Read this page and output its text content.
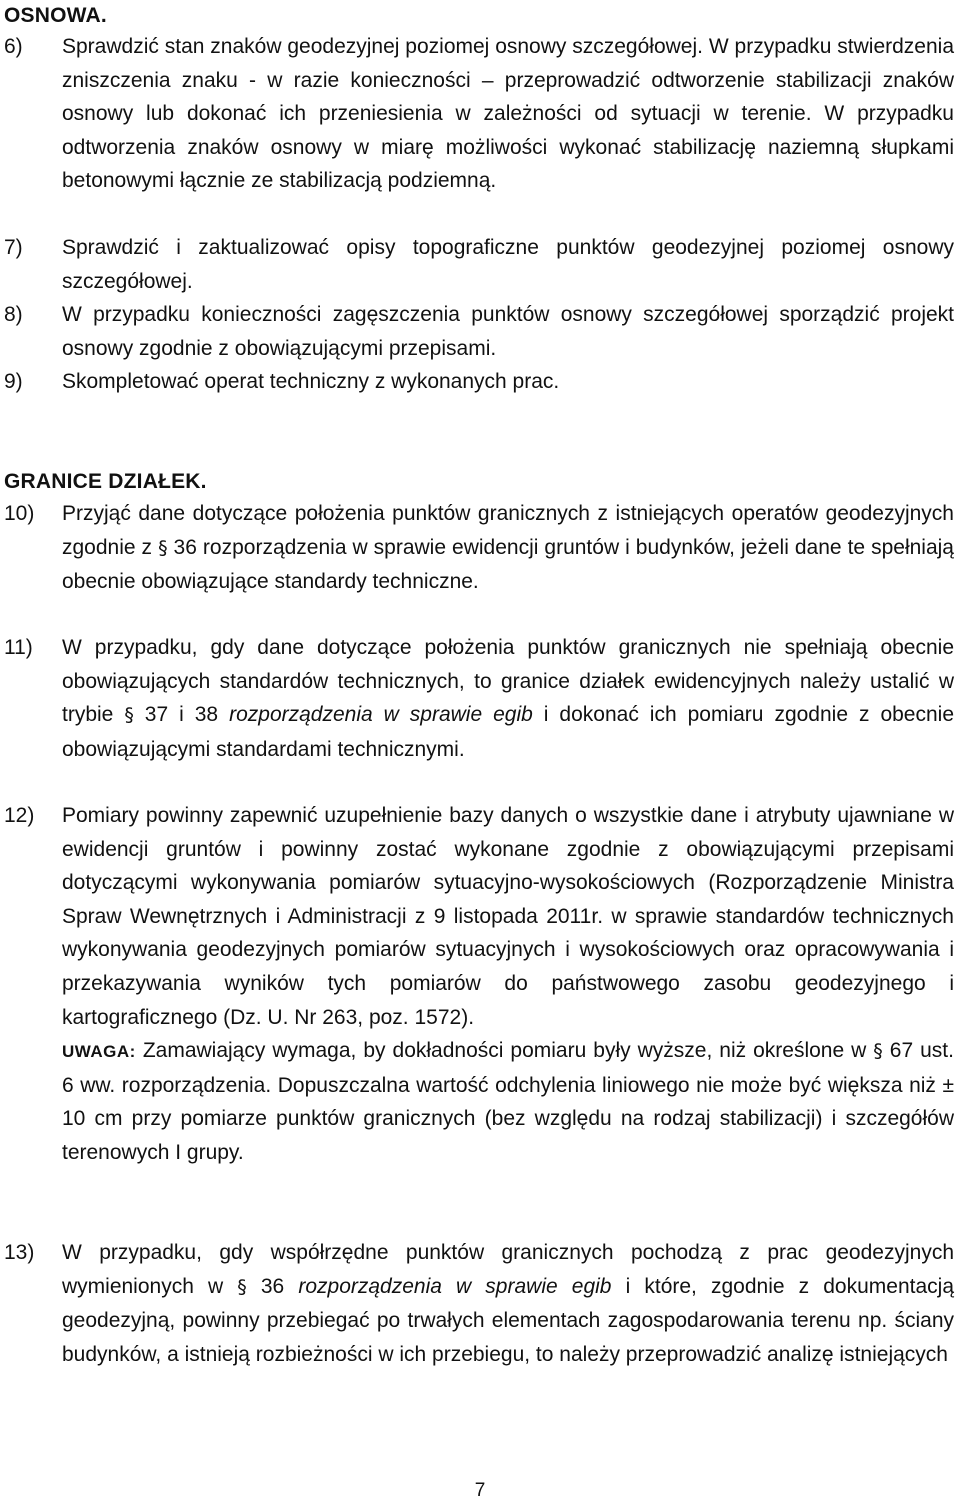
OSNOWA.
6) Sprawdzić stan znaków geodezyjnej poziomej osnowy szczegółowej. W przypadku stwierdzenia zniszczenia znaku - w razie konieczności – przeprowadzić odtworzenie stabilizacji znaków osnowy lub dokonać ich przeniesienia w zależności od sytuacji w terenie. W przypadku odtworzenia znaków osnowy w miarę możliwości wykonać stabilizację naziemną słupkami betonowymi łącznie ze stabilizacją podziemną.
7) Sprawdzić i zaktualizować opisy topograficzne punktów geodezyjnej poziomej osnowy szczegółowej.
8) W przypadku konieczności zagęszczenia punktów osnowy szczegółowej sporządzić projekt osnowy zgodnie z obowiązującymi przepisami.
9) Skompletować operat techniczny z wykonanych prac.
GRANICE DZIAŁEK.
10) Przyjąć dane dotyczące położenia punktów granicznych z istniejących operatów geodezyjnych zgodnie z § 36 rozporządzenia w sprawie ewidencji gruntów i budynków, jeżeli dane te spełniają obecnie obowiązujące standardy techniczne.
11) W przypadku, gdy dane dotyczące położenia punktów granicznych nie spełniają obecnie obowiązujących standardów technicznych, to granice działek ewidencyjnych należy ustalić w trybie § 37 i 38 rozporządzenia w sprawie egib i dokonać ich pomiaru zgodnie z obecnie obowiązującymi standardami technicznymi.
12) Pomiary powinny zapewnić uzupełnienie bazy danych o wszystkie dane i atrybuty ujawniane w ewidencji gruntów i powinny zostać wykonane zgodnie z obowiązującymi przepisami dotyczącymi wykonywania pomiarów sytuacyjno-wysokościowych (Rozporządzenie Ministra Spraw Wewnętrznych i Administracji z 9 listopada 2011r. w sprawie standardów technicznych wykonywania geodezyjnych pomiarów sytuacyjnych i wysokościowych oraz opracowywania i przekazywania wyników tych pomiarów do państwowego zasobu geodezyjnego i kartograficznego (Dz. U. Nr 263, poz. 1572).
UWAGA: Zamawiający wymaga, by dokładności pomiaru były wyższe, niż określone w § 67 ust. 6 ww. rozporządzenia. Dopuszczalna wartość odchylenia liniowego nie może być większa niż ± 10 cm przy pomiarze punktów granicznych (bez względu na rodzaj stabilizacji) i szczegółów terenowych I grupy.
13) W przypadku, gdy współrzędne punktów granicznych pochodzą z prac geodezyjnych wymienionych w § 36 rozporządzenia w sprawie egib i które, zgodnie z dokumentacją geodezyjną, powinny przebiegać po trwałych elementach zagospodarowania terenu np. ściany budynków, a istnieją rozbieżności w ich przebiegu, to należy przeprowadzić analizę istniejących
7
